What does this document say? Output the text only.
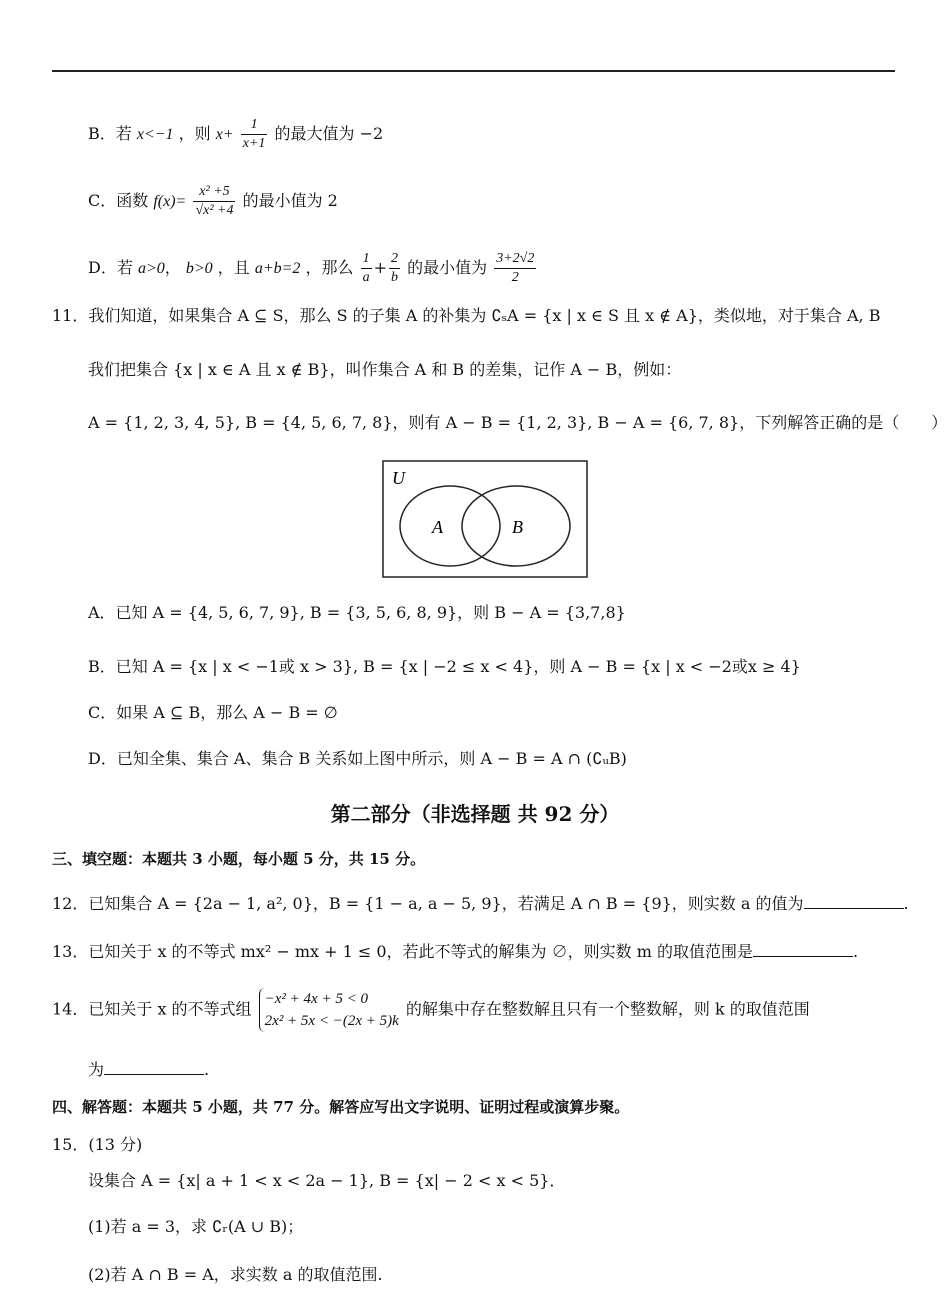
B．若 x<−1 ，则 $x+ \frac{1}{x+1}$ 的最大值为 −2
C．函数 $f(x)= \frac{\text{x² +5}}{\text{√x² +4}}$ 的最小值为 2
D．若 a>0， b>0 ，且 a+b=2 ，那么 $\frac{1}{a} + \frac{2}{b}$ 的最小值为 $\frac{3+2√2}{2}$
11．我们知道，如果集合 A ⊆ S，那么 S 的子集 A 的补集为 ∁ₛA = {x | x ∈ S 且 x ∉ A}，类似地，对于集合 A, B
我们把集合 {x | x ∈ A 且 x ∉ B}，叫作集合 A 和 B 的差集，记作 A − B，例如：
A = {1, 2, 3, 4, 5}, B = {4, 5, 6, 7, 8}，则有 A − B = {1, 2, 3}, B − A = {6, 7, 8}，下列解答正确的是（　　）
U
A	B
A．已知 A = {4, 5, 6, 7, 9}, B = {3, 5, 6, 8, 9}，则 B − A = {3,7,8}
B．已知 A = {x | x < −1或 x > 3}, B = {x | −2 ≤ x < 4}，则 A − B = {x | x < −2或x ≥ 4}
C．如果 A ⊆ B，那么 A − B = ∅
D．已知全集、集合 A、集合 B 关系如上图中所示，则 A − B = A ∩ (∁ᵤB)
第二部分（非选择题 共 92 分）
三、填空题：本题共 3 小题，每小题 5 分，共 15 分。
12．已知集合 A = {2a − 1, a², 0}，B = {1 − a, a − 5, 9}，若满足 A ∩ B = {9}，则实数 a 的值为	.
13．已知关于 x 的不等式 mx² − mx + 1 ≤ 0，若此不等式的解集为 ∅，则实数 m 的取值范围是	.
14．已知关于 x 的不等式组
−x² + 4x + 5 < 0
2x² + 5x < −(2x + 5)k
的解集中存在整数解且只有一个整数解，则 k 的取值范围
为	.
四、解答题：本题共 5 小题，共 77 分。解答应写出文字说明、证明过程或演算步聚。
15．(13 分)
设集合 A = {x| a + 1 < x < 2a − 1}, B = {x| − 2 < x < 5}．
(1)若 a = 3，求 ∁ᵣ(A ∪ B)；
(2)若 A ∩ B = A，求实数 a 的取值范围.
